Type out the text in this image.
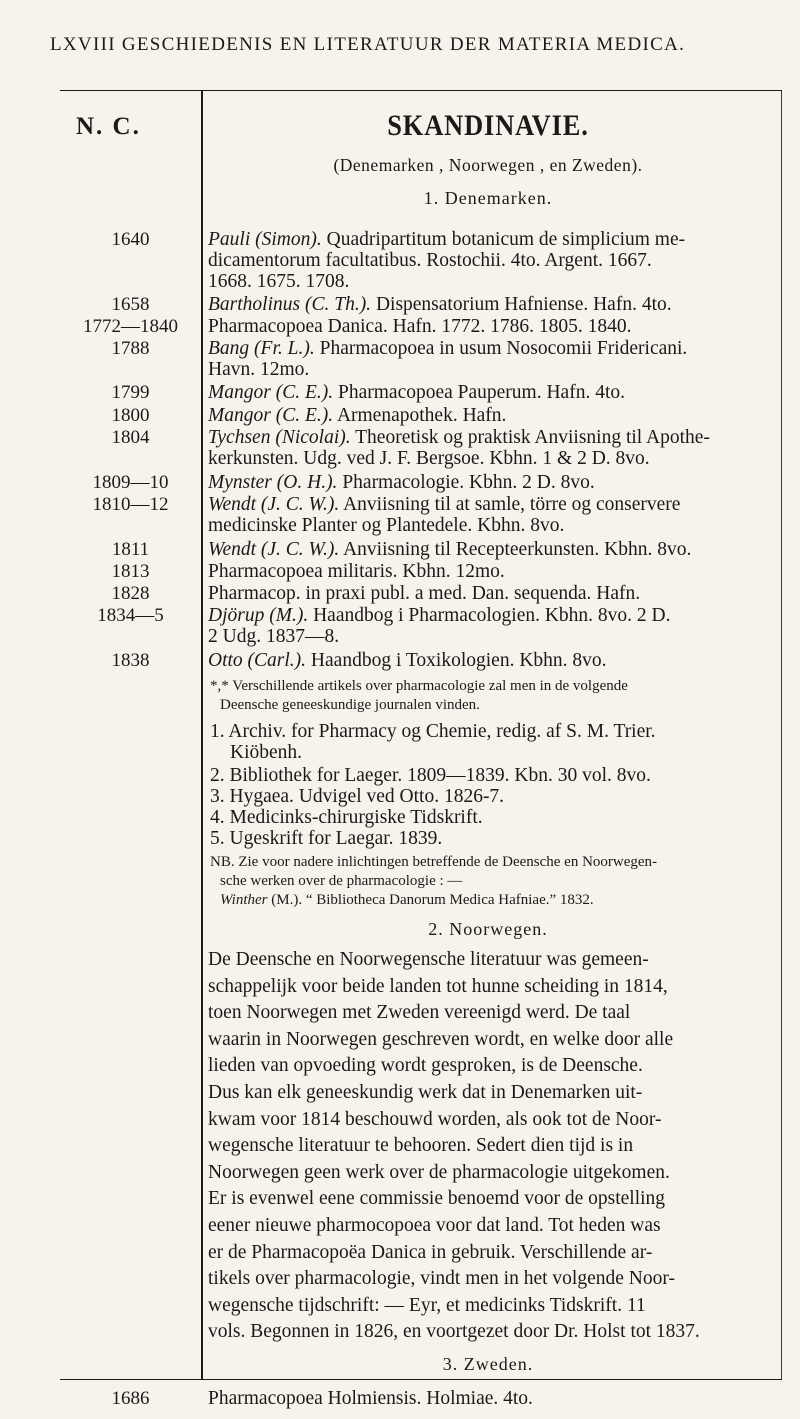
LXVIII GESCHIEDENIS EN LITERATUUR DER MATERIA MEDICA.
N. C.	SKANDINAVIE.
(Denemarken , Noorwegen , en Zweden).
1. Denemarken.
1640	Pauli (Simon). Quadripartitum botanicum de simplicium me-
dicamentorum facultatibus. Rostochii. 4to. Argent. 1667.
1668. 1675. 1708.
1658	Bartholinus (C. Th.). Dispensatorium Hafniense. Hafn. 4to.
1772—1840	Pharmacopoea Danica. Hafn. 1772. 1786. 1805. 1840.
1788	Bang (Fr. L.). Pharmacopoea in usum Nosocomii Fridericani.
Havn. 12mo.
1799	Mangor (C. E.). Pharmacopoea Pauperum. Hafn. 4to.
1800	Mangor (C. E.). Armenapothek. Hafn.
1804	Tychsen (Nicolai). Theoretisk og praktisk Anviisning til Apothe-
kerkunsten. Udg. ved J. F. Bergsoe. Kbhn. 1 & 2 D. 8vo.
1809—10	Mynster (O. H.). Pharmacologie. Kbhn. 2 D. 8vo.
1810—12	Wendt (J. C. W.). Anviisning til at samle, törre og conservere
medicinske Planter og Plantedele. Kbhn. 8vo.
1811	Wendt (J. C. W.). Anviisning til Recepteerkunsten. Kbhn. 8vo.
1813	Pharmacopoea militaris. Kbhn. 12mo.
1828	Pharmacop. in praxi publ. a med. Dan. sequenda. Hafn.
1834—5	Djörup (M.). Haandbog i Pharmacologien. Kbhn. 8vo. 2 D.
2 Udg. 1837—8.
1838	Otto (Carl.). Haandbog i Toxikologien. Kbhn. 8vo.
*,* Verschillende artikels over pharmacologie zal men in de volgende
Deensche geneeskundige journalen vinden.
1. Archiv. for Pharmacy og Chemie, redig. af S. M. Trier.
Kiöbenh.
2. Bibliothek for Laeger. 1809—1839. Kbn. 30 vol. 8vo.
3. Hygaea. Udvigel ved Otto. 1826-7.
4. Medicinks-chirurgiske Tidskrift.
5. Ugeskrift for Laegar. 1839.
NB. Zie voor nadere inlichtingen betreffende de Deensche en Noorwegen-
sche werken over de pharmacologie : —
Winther (M.). “ Bibliotheca Danorum Medica Hafniae.” 1832.
2. Noorwegen.
De Deensche en Noorwegensche literatuur was gemeen-
schappelijk voor beide landen tot hunne scheiding in 1814,
toen Noorwegen met Zweden vereenigd werd. De taal
waarin in Noorwegen geschreven wordt, en welke door alle
lieden van opvoeding wordt gesproken, is de Deensche.
Dus kan elk geneeskundig werk dat in Denemarken uit-
kwam voor 1814 beschouwd worden, als ook tot de Noor-
wegensche literatuur te behooren. Sedert dien tijd is in
Noorwegen geen werk over de pharmacologie uitgekomen.
Er is evenwel eene commissie benoemd voor de opstelling
eener nieuwe pharmocopoea voor dat land. Tot heden was
er de Pharmacopoëa Danica in gebruik. Verschillende ar-
tikels over pharmacologie, vindt men in het volgende Noor-
wegensche tijdschrift: — Eyr, et medicinks Tidskrift. 11
vols. Begonnen in 1826, en voortgezet door Dr. Holst tot 1837.
3. Zweden.
1686	Pharmacopoea Holmiensis. Holmiae. 4to.
